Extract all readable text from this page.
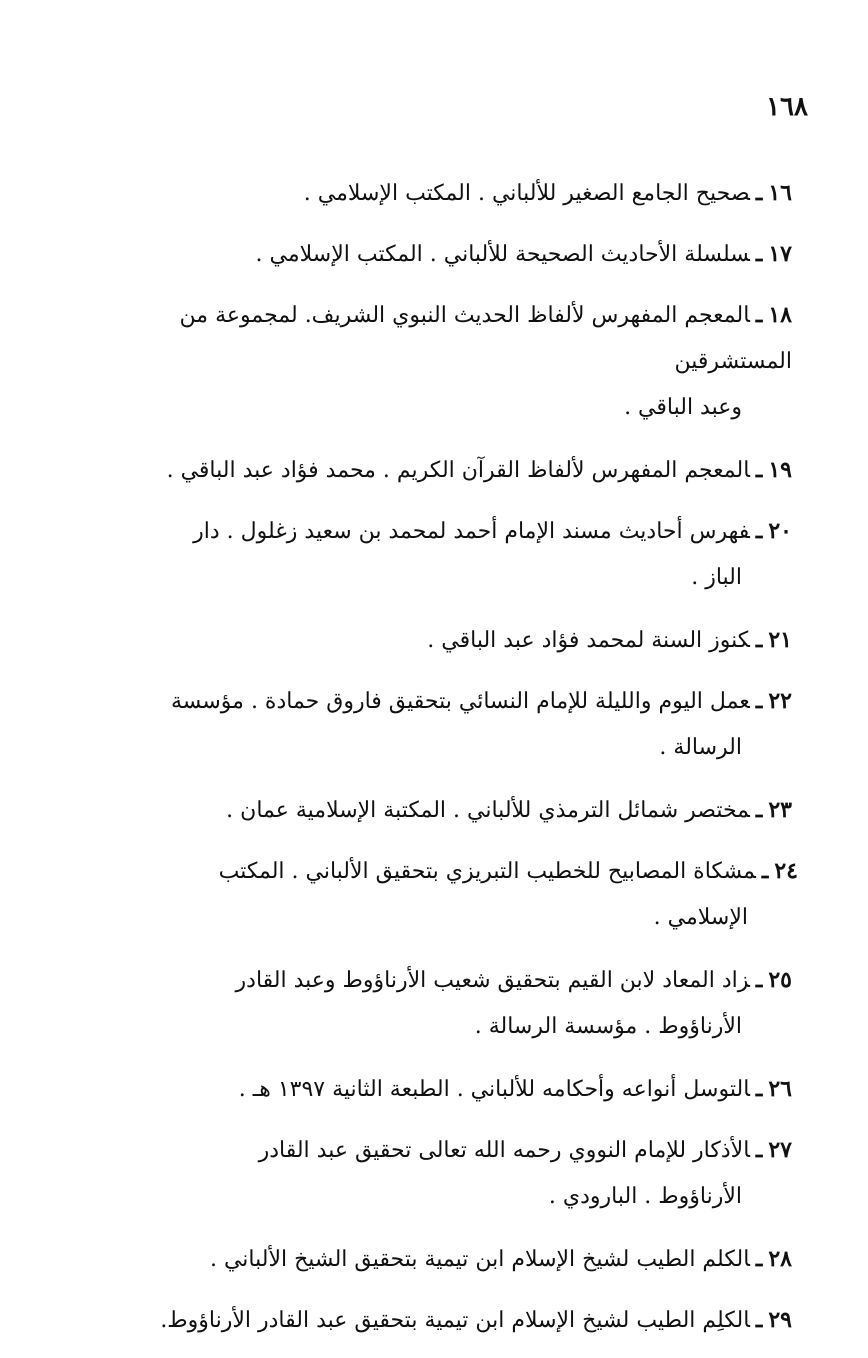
١٦٨
١٦ـصحيح الجامع الصغير للألباني . المكتب الإسلامي .
١٧ـسلسلة الأحاديث الصحيحة للألباني . المكتب الإسلامي .
١٨ـالمعجم المفهرس لألفاظ الحديث النبوي الشريف. لمجموعة من المستشرقين
وعبد الباقي .
١٩ـالمعجم المفهرس لألفاظ القرآن الكريم . محمد فؤاد عبد الباقي .
٢٠ـفهرس أحاديث مسند الإمام أحمد لمحمد بن سعيد زغلول . دار
الباز .
٢١ـكنوز السنة لمحمد فؤاد عبد الباقي .
٢٢ـعمل اليوم والليلة للإمام النسائي بتحقيق فاروق حمادة . مؤسسة
الرسالة .
٢٣ـمختصر شمائل الترمذي للألباني . المكتبة الإسلامية عمان .
٢٤ـمشكاة المصابيح للخطيب التبريزي بتحقيق الألباني . المكتب
الإسلامي .
٢٥ـزاد المعاد لابن القيم بتحقيق شعيب الأرناؤوط وعبد القادر
الأرناؤوط . مؤسسة الرسالة .
٢٦ـالتوسل أنواعه وأحكامه للألباني . الطبعة الثانية ١٣٩٧ هـ .
٢٧ـالأذكار للإمام النووي رحمه الله تعالى تحقيق عبد القادر
الأرناؤوط . البارودي .
٢٨ـالكلم الطيب لشيخ الإسلام ابن تيمية بتحقيق الشيخ الألباني .
٢٩ـالكلِم الطيب لشيخ الإسلام ابن تيمية بتحقيق عبد القادر الأرناؤوط.
